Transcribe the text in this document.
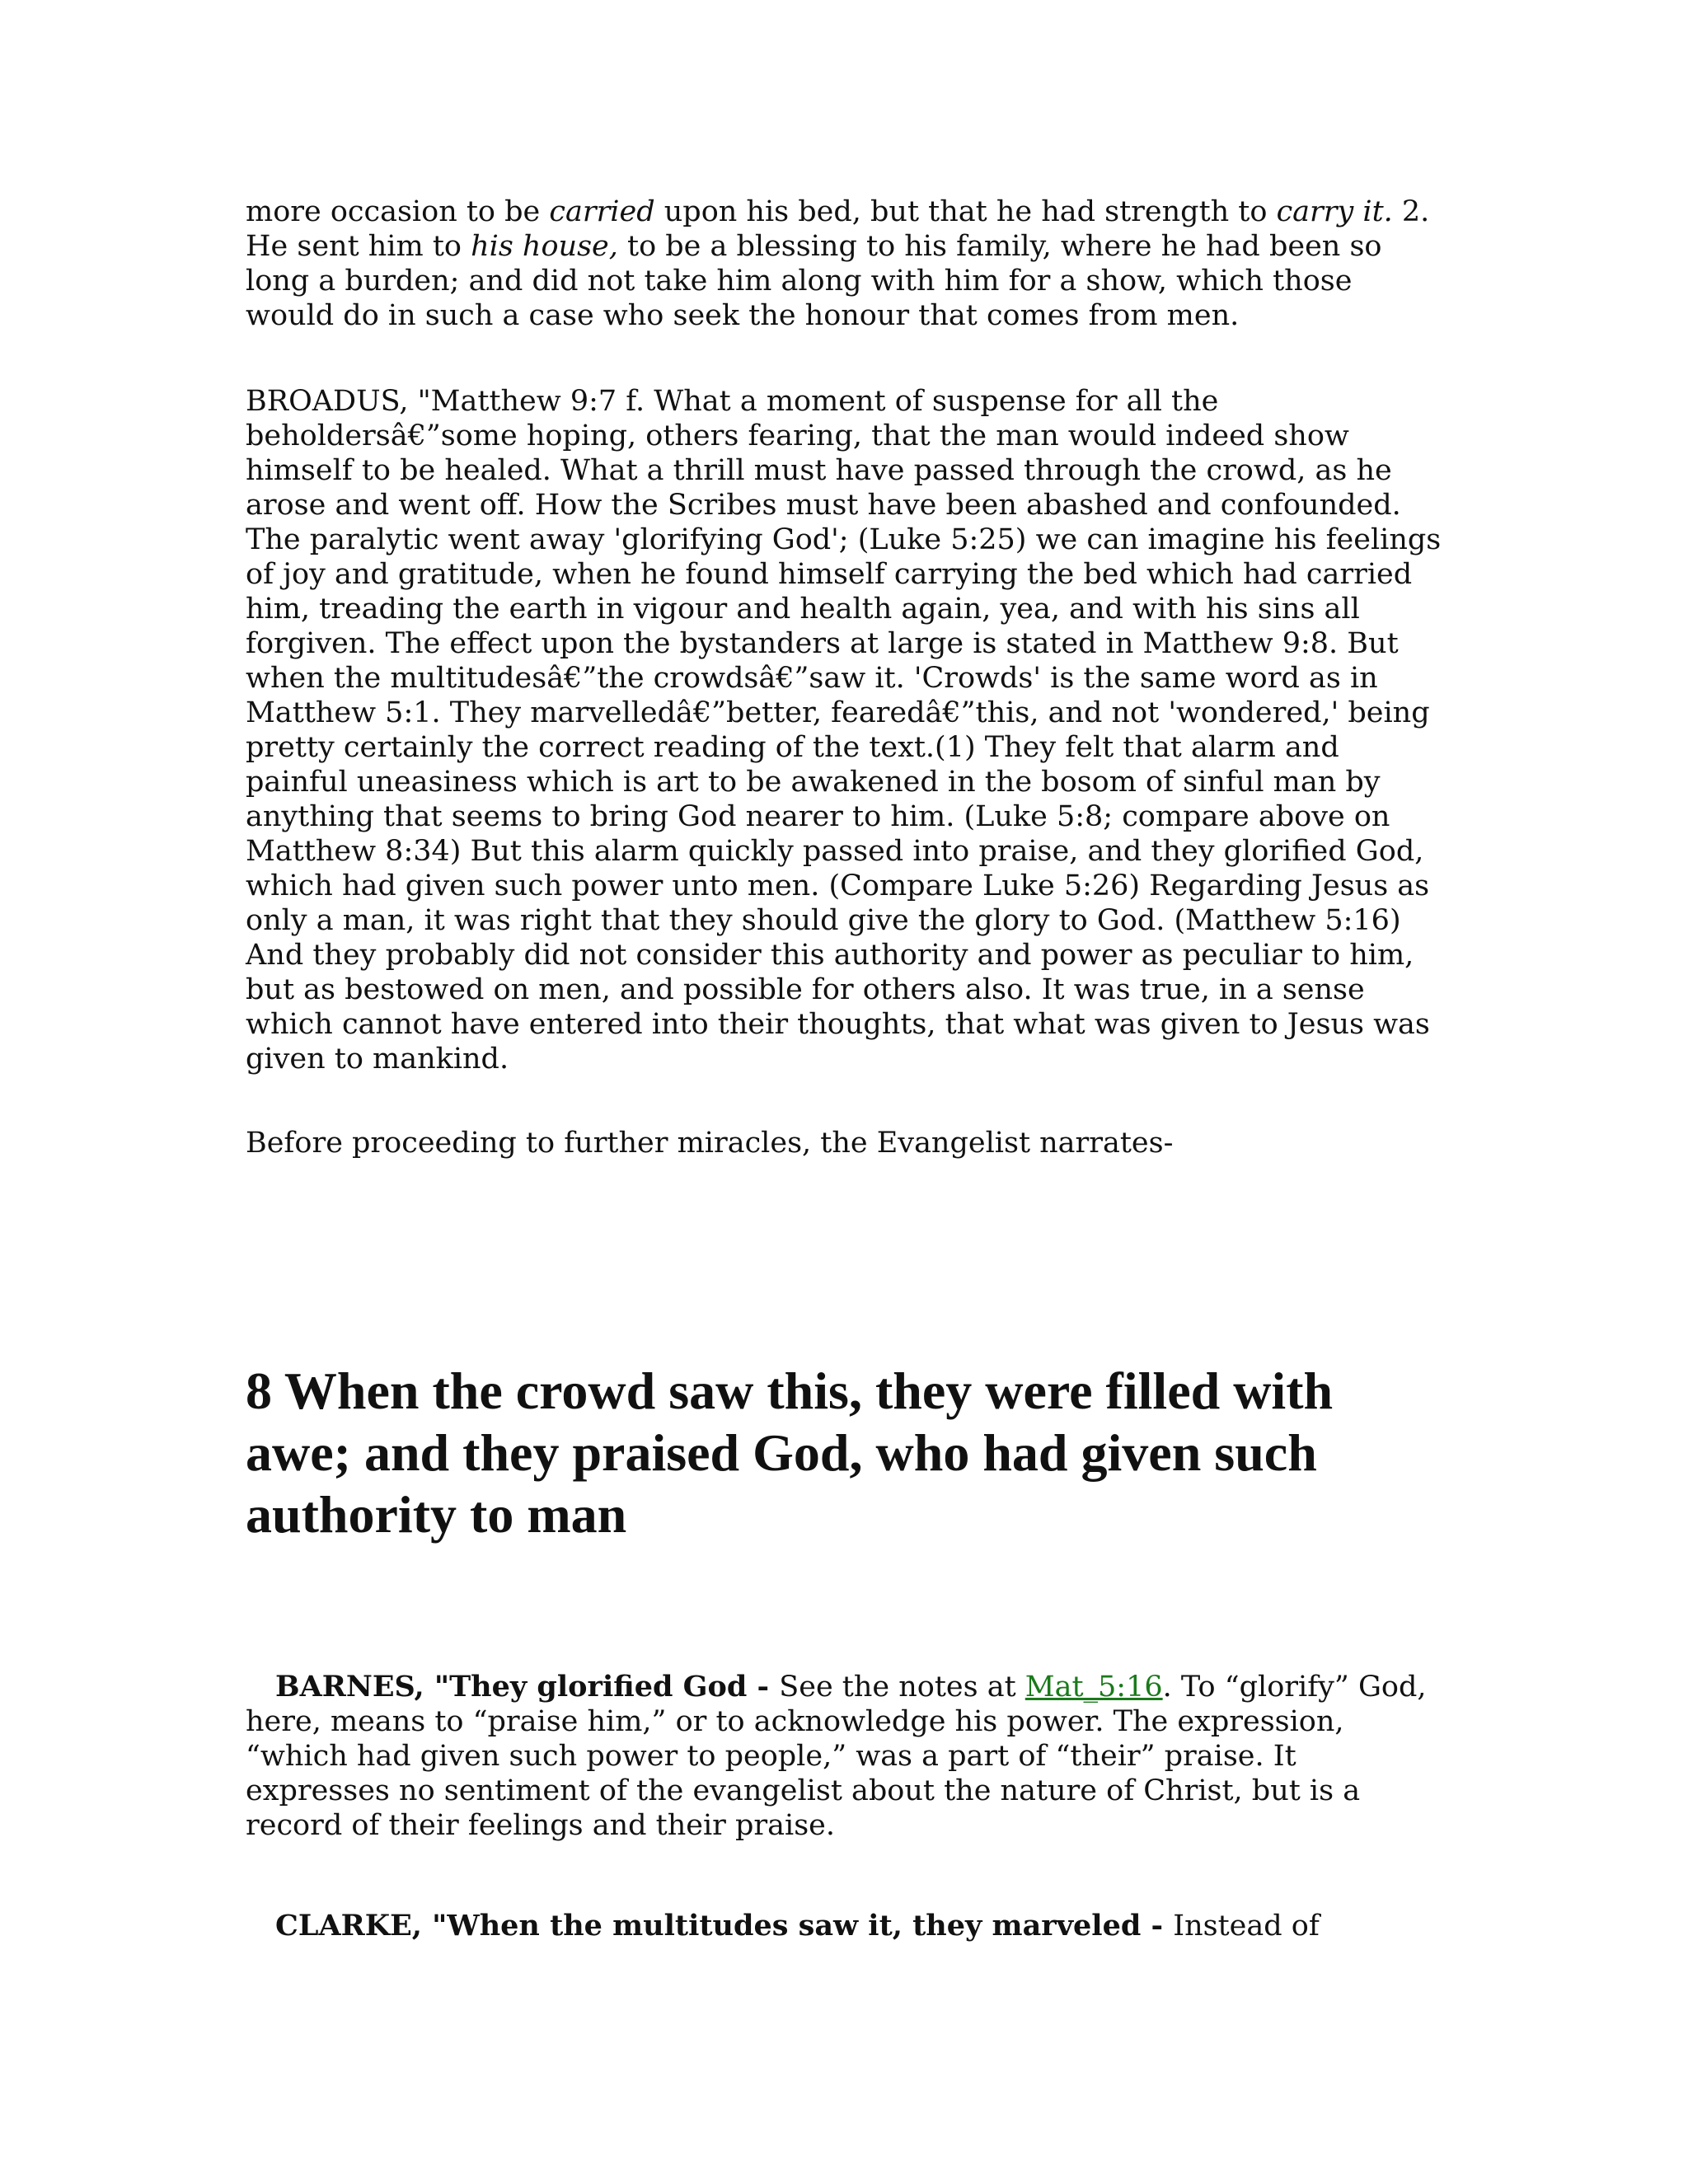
more occasion to be carried upon his bed, but that he had strength to carry it. 2. He sent him to his house, to be a blessing to his family, where he had been so long a burden; and did not take him along with him for a show, which those would do in such a case who seek the honour that comes from men.

BROADUS, "Matthew 9:7 f. What a moment of suspense for all the beholdersâ€”some hoping, others fearing, that the man would indeed show himself to be healed. What a thrill must have passed through the crowd, as he arose and went off. How the Scribes must have been abashed and confounded. The paralytic went away 'glorifying God'; (Luke 5:25) we can imagine his feelings of joy and gratitude, when he found himself carrying the bed which had carried him, treading the earth in vigour and health again, yea, and with his sins all forgiven. The effect upon the bystanders at large is stated in Matthew 9:8. But when the multitudesâ€”the crowdsâ€”saw it. 'Crowds' is the same word as in Matthew 5:1. They marvelledâ€”better, fearedâ€”this, and not 'wondered,' being pretty certainly the correct reading of the text.(1) They felt that alarm and painful uneasiness which is art to be awakened in the bosom of sinful man by anything that seems to bring God nearer to him. (Luke 5:8; compare above on Matthew 8:34) But this alarm quickly passed into praise, and they glorified God, which had given such power unto men. (Compare Luke 5:26) Regarding Jesus as only a man, it was right that they should give the glory to God. (Matthew 5:16) And they probably did not consider this authority and power as peculiar to him, but as bestowed on men, and possible for others also. It was true, in a sense which cannot have entered into their thoughts, that what was given to Jesus was given to mankind.

Before proceeding to further miracles, the Evangelist narrates-

8 When the crowd saw this, they were filled with awe; and they praised God, who had given such authority to man

BARNES, "They glorified God - See the notes at Mat_5:16. To “glorify” God, here, means to “praise him,” or to acknowledge his power. The expression, “which had given such power to people,” was a part of “their” praise. It expresses no sentiment of the evangelist about the nature of Christ, but is a record of their feelings and their praise.

CLARKE, "When the multitudes saw it, they marveled - Instead of
